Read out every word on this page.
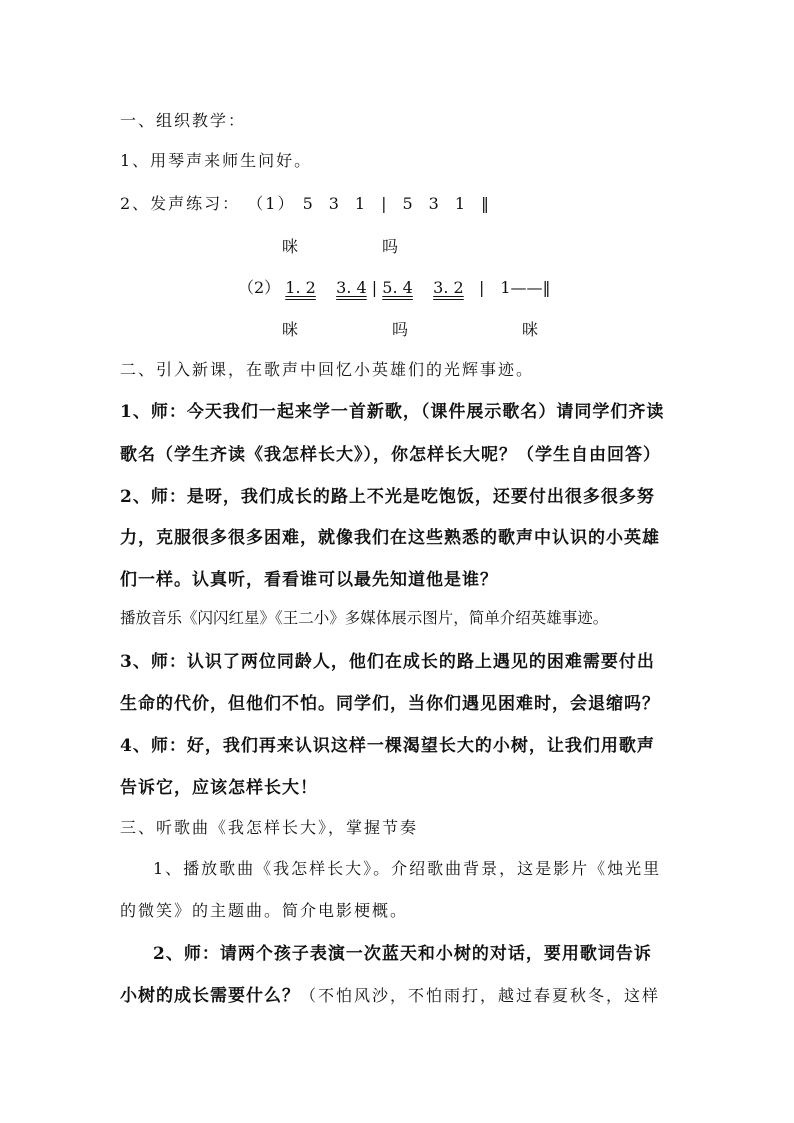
一、组织教学：
1、用琴声来师生问好。
2、发声练习： （1） 5　3　1　|　5　3　1　‖
咪	吗
（2） 1. 2 3. 4 | 5. 4 3. 2 |　1——‖
咪	吗	咪
二、引入新课，在歌声中回忆小英雄们的光辉事迹。
1、师：今天我们一起来学一首新歌，（课件展示歌名）请同学们齐读
歌名（学生齐读《我怎样长大》），你怎样长大呢？（学生自由回答）
2、师：是呀，我们成长的路上不光是吃饱饭，还要付出很多很多努
力，克服很多很多困难，就像我们在这些熟悉的歌声中认识的小英雄
们一样。认真听，看看谁可以最先知道他是谁？
播放音乐《闪闪红星》《王二小》多媒体展示图片，简单介绍英雄事迹。
3、师：认识了两位同龄人，他们在成长的路上遇见的困难需要付出
生命的代价，但他们不怕。同学们，当你们遇见困难时，会退缩吗？
4、师：好，我们再来认识这样一棵渴望长大的小树，让我们用歌声
告诉它，应该怎样长大！
三、听歌曲《我怎样长大》，掌握节奏
1、播放歌曲《我怎样长大》。介绍歌曲背景，这是影片《烛光里
的微笑》的主题曲。简介电影梗概。
2、师：请两个孩子表演一次蓝天和小树的对话，要用歌词告诉
小树的成长需要什么？（不怕风沙，不怕雨打，越过春夏秋冬，这样
